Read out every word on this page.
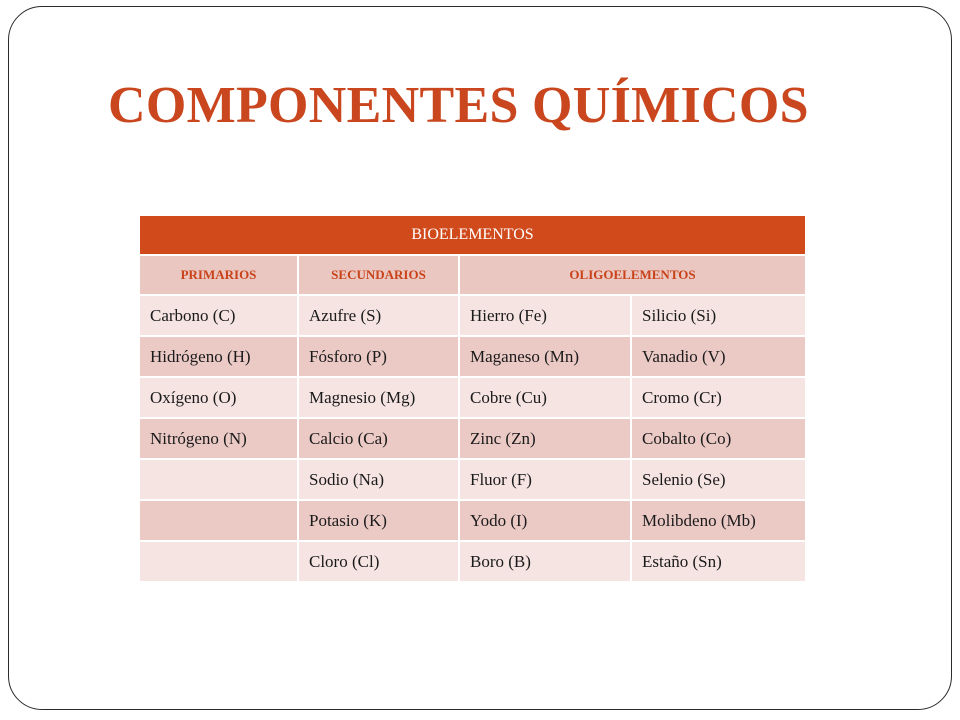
COMPONENTES QUÍMICOS
BIOELEMENTOS			
PRIMARIOS	SECUNDARIOS	OLIGOELEMENTOS	
Carbono (C)	Azufre (S)	Hierro (Fe)	Silicio (Si)
Hidrógeno (H)	Fósforo (P)	Maganeso (Mn)	Vanadio (V)
Oxígeno (O)	Magnesio (Mg)	Cobre (Cu)	Cromo (Cr)
Nitrógeno (N)	Calcio (Ca)	Zinc (Zn)	Cobalto (Co)
	Sodio (Na)	Fluor (F)	Selenio (Se)
	Potasio (K)	Yodo (I)	Molibdeno (Mb)
	Cloro (Cl)	Boro (B)	Estaño (Sn)
